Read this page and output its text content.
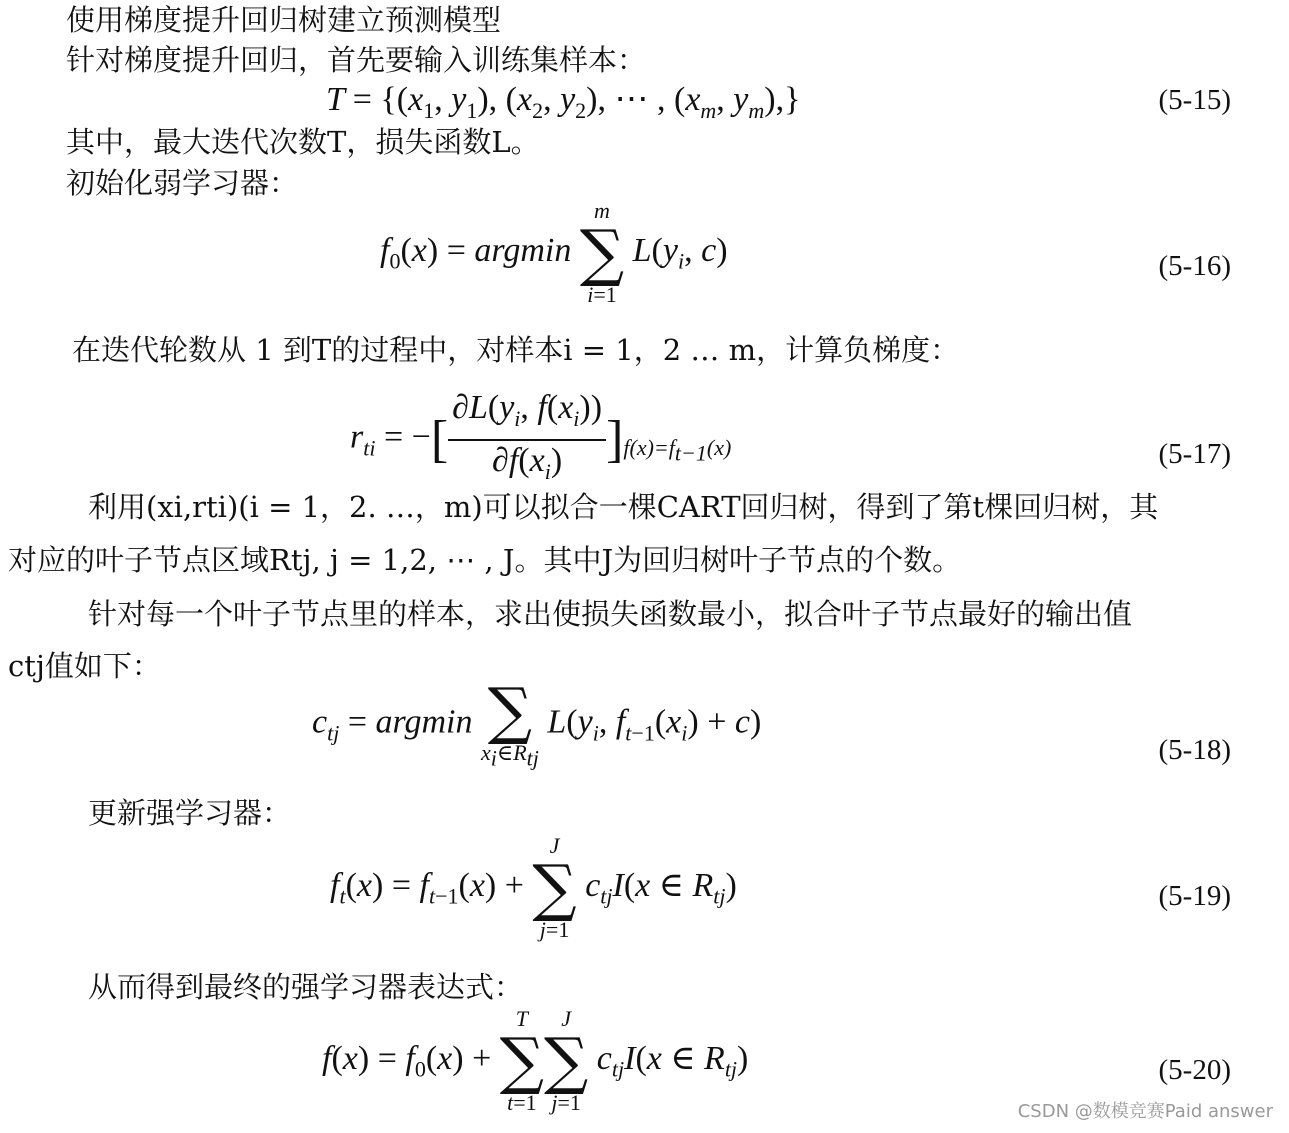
使用梯度提升回归树建立预测模型
针对梯度提升回归，首先要输入训练集样本：
$T = \{(x_1$, $y_1$), ($x_2$, $y_2$), ⋯ , ($x_m$, $y_m$),}	(5-15)
其中，最大迭代次数T，损失函数L。
初始化弱学习器：
$f_0(x) = argmin$
m
∑
i=1
$L(y_i$, c)	(5-16)
在迭代轮数从 1 到T的过程中，对样本i = 1，2 … m，计算负梯度：
$r_{ti}$ = −[ $\frac{\partial L(y_i, f(x_i))}{\partial f(x_i)} ]_{f(x)=f_{t-1}(x)}$	(5-17)
利用(xi,rti)(i = 1，2. …，m)可以拟合一棵CART回归树，得到了第t棵回归树，其
对应的叶子节点区域Rtj, j = 1,2, ⋯ , J。其中J为回归树叶子节点的个数。
针对每一个叶子节点里的样本，求出使损失函数最小，拟合叶子节点最好的输出值
ctj值如下：
$c_{tj} = argmin$ ∑
$x_i\in R_{tj}$
$L(y_i$, $f_{t-1}(x_i) + c$)
(5-18)
更新强学习器：
$f_t(x) = f_{t-1}(x)$ +
J
∑
j=1
$c_{tj}I(x$ ∈ $R_{tj}$)	(5-19)
从而得到最终的强学习器表达式：
$f(x) = f_0(x)$ +
T
∑
t=1
J
∑
j=1
$c_{tj}I(x$ ∈ $R_{tj}$)	(5-20)
CSDN @数模竞赛Paid answer
